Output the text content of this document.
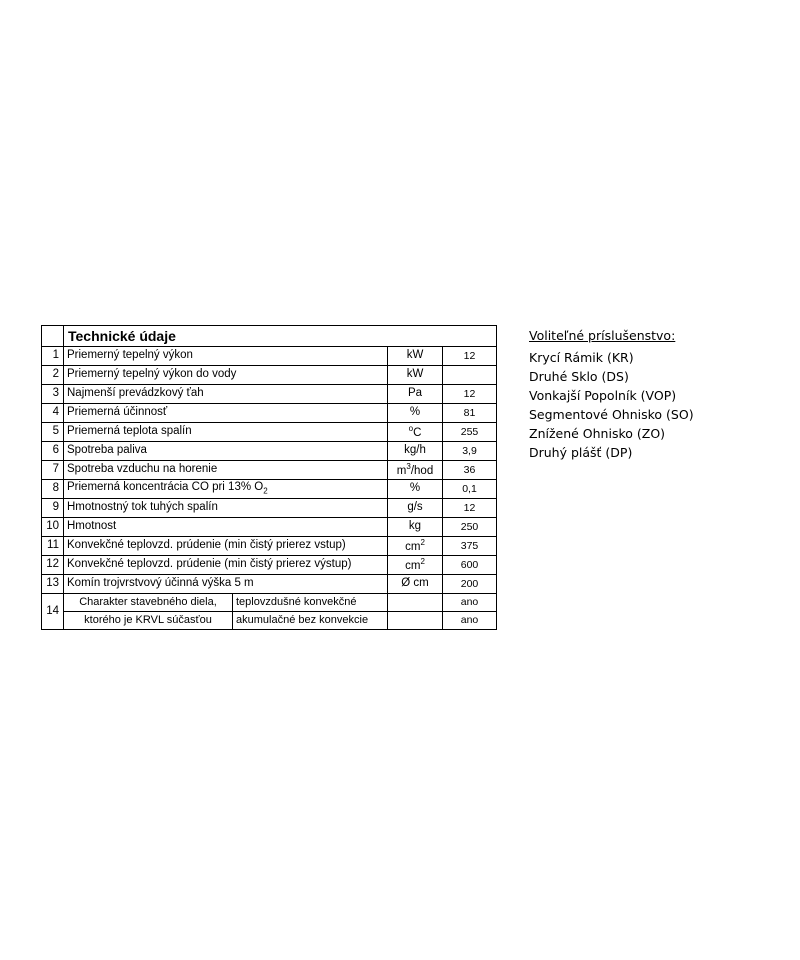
	Technické údaje			
1	Priemerný tepelný výkon		kW	12
2	Priemerný tepelný výkon do vody		kW	
3	Najmenší prevádzkový ťah		Pa	12
4	Priemerná účinnosť		%	81
5	Priemerná teplota spalín		$^o$C	255
6	Spotreba paliva		kg/h	3,9
7	Spotreba vzduchu na horenie		$m^3$/hod	36
8	Priemerná koncentrácia CO pri 13% $O_2$		%	0,1
9	Hmotnostný tok tuhých spalín		g/s	12
10	Hmotnost		kg	250
11	Konvekčné teplovzd. prúdenie (min čistý prierez vstup)		$cm^2$	375
12	Konvekčné teplovzd. prúdenie (min čistý prierez výstup)		$cm^2$	600
13	Komín trojvrstvový účinná výška 5 m		Ø cm	200
14	Charakter stavebného diela,	teplovzdušné konvekčné		ano
	ktorého je KRVL súčasťou	akumulačné bez konvekcie		ano
Voliteľné príslušenstvo:
Krycí Rámik (KR)
Druhé Sklo (DS)
Vonkajší Popolník (VOP)
Segmentové Ohnisko (SO)
Znížené Ohnisko (ZO)
Druhý plášť (DP)
